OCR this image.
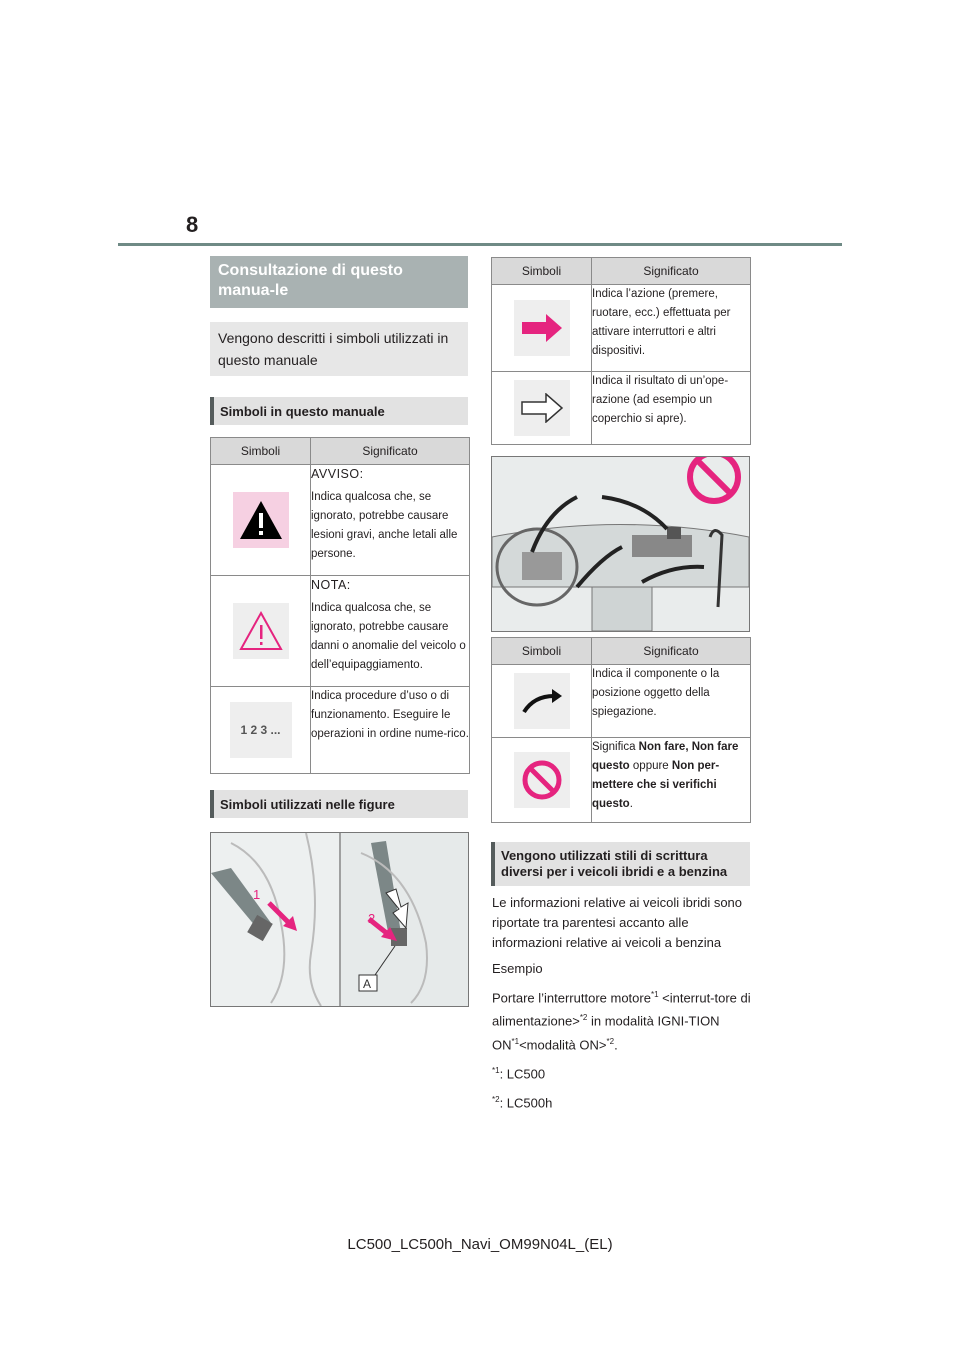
8
Consultazione di questo manua-le
Vengono descritti i simboli utilizzati in questo manuale
Simboli in questo manuale
Simboli	Significato

AVVISO:
Indica qualcosa che, se ignorato, potrebbe causare lesioni gravi, anche letali alle persone.

NOTA:
Indica qualcosa che, se ignorato, potrebbe causare danni o anomalie del veicolo o dell’equipaggiamento.

1 2 3 ...	Indica procedure d’uso o di funzionamento. Eseguire le operazioni in ordine nume-rico.
Simboli utilizzati nelle figure
1
2
A
Simboli	Significato

	Indica l’azione (premere, ruotare, ecc.) effettuata per attivare interruttori e altri dispositivi.

	Indica il risultato di un’ope-razione (ad esempio un coperchio si apre).
Simboli	Significato

	Indica il componente o la posizione oggetto della spiegazione.

	Significa Non fare, Non fare questo oppure Non per-mettere che si verifichi questo.
Vengono utilizzati stili di scrittura diversi per i veicoli ibridi e a benzina

Le informazioni relative ai veicoli ibridi sono riportate tra parentesi accanto alle informazioni relative ai veicoli a benzina

Esempio

Portare l’interruttore motore$^{*1}$ <interrut-tore di alimentazione>$^{*2}$ in modalità IGNI-TION $ON^{*1}<modalità$ ON>$^{*2}$.

$^{*1}$: LC500

$^{*2}$: LC500h

LC500_LC500h_Navi_OM99N04L_(EL)
